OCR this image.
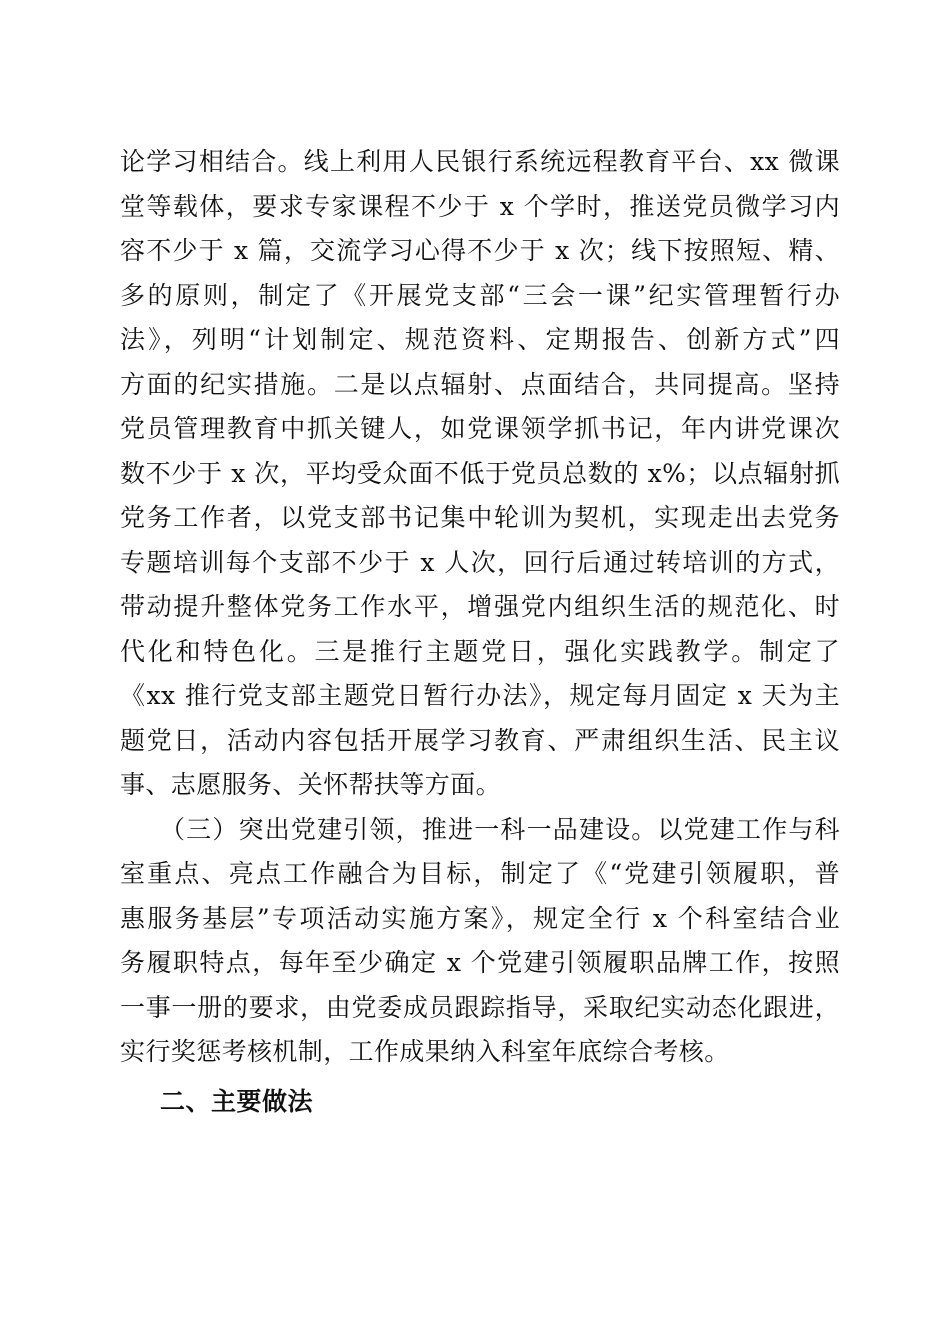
论学习相结合。线上利用人民银行系统远程教育平台、xx 微课
堂等载体，要求专家课程不少于 x 个学时，推送党员微学习内
容不少于 x 篇，交流学习心得不少于 x 次；线下按照短、精、
多的原则，制定了《开展党支部“三会一课”纪实管理暂行办
法》，列明“计划制定、规范资料、定期报告、创新方式”四
方面的纪实措施。二是以点辐射、点面结合，共同提高。坚持
党员管理教育中抓关键人，如党课领学抓书记，年内讲党课次
数不少于 x 次，平均受众面不低于党员总数的 x%；以点辐射抓
党务工作者，以党支部书记集中轮训为契机，实现走出去党务
专题培训每个支部不少于 x 人次，回行后通过转培训的方式，
带动提升整体党务工作水平，增强党内组织生活的规范化、时
代化和特色化。三是推行主题党日，强化实践教学。制定了
《xx 推行党支部主题党日暂行办法》，规定每月固定 x 天为主
题党日，活动内容包括开展学习教育、严肃组织生活、民主议
事、志愿服务、关怀帮扶等方面。
（三）突出党建引领，推进一科一品建设。以党建工作与科
室重点、亮点工作融合为目标，制定了《“党建引领履职，普
惠服务基层”专项活动实施方案》，规定全行 x 个科室结合业
务履职特点，每年至少确定 x 个党建引领履职品牌工作，按照
一事一册的要求，由党委成员跟踪指导，采取纪实动态化跟进，
实行奖惩考核机制，工作成果纳入科室年底综合考核。
二、主要做法
